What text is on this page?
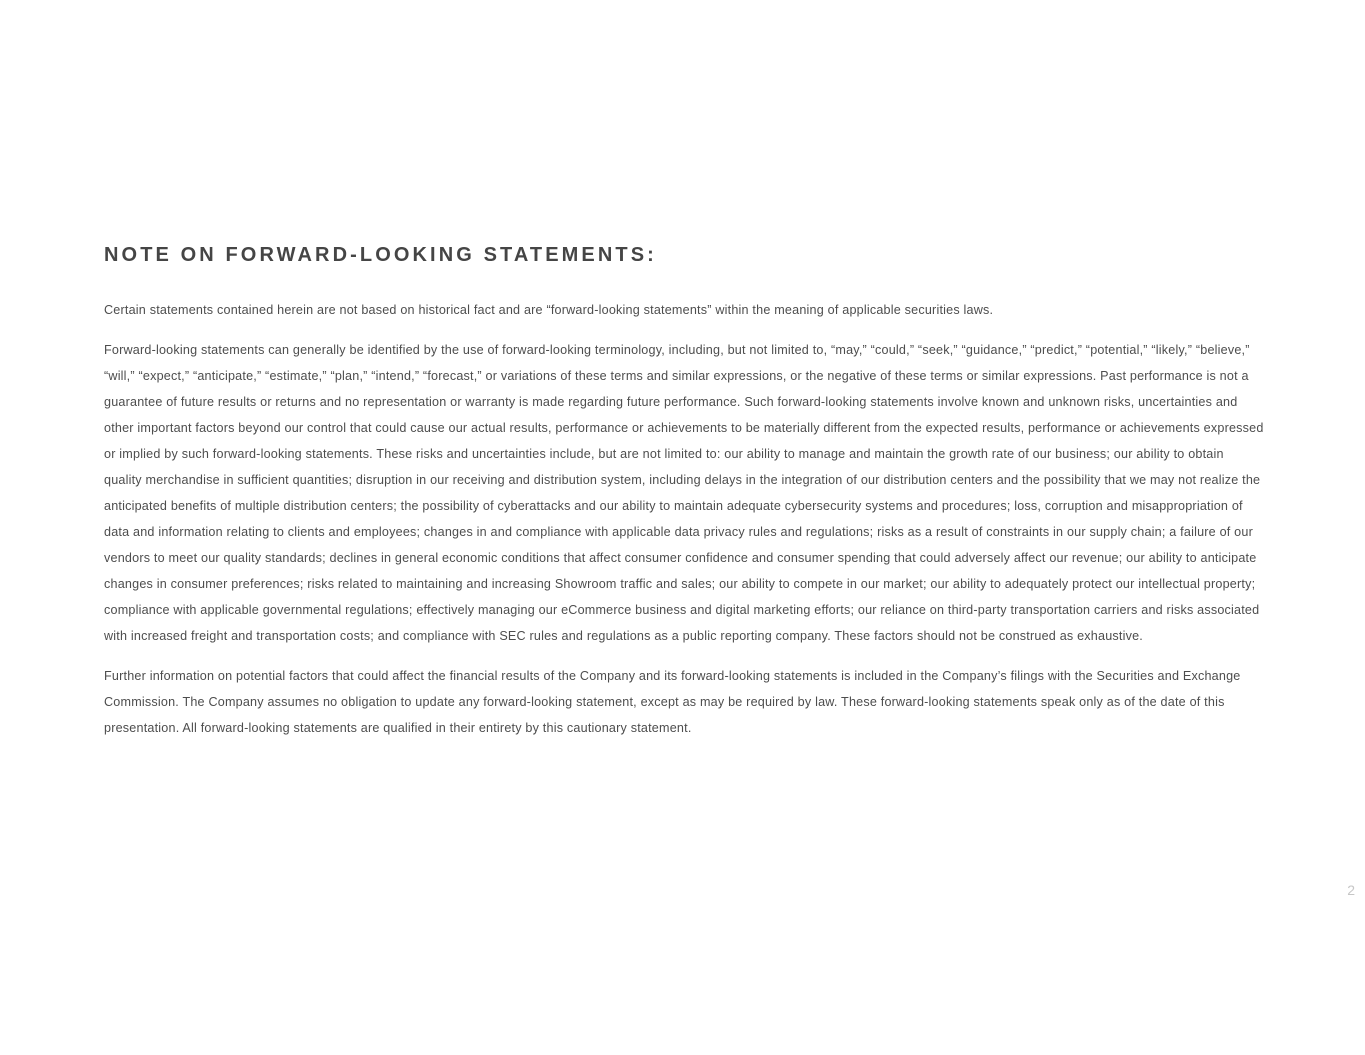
NOTE ON FORWARD-LOOKING STATEMENTS:

Certain statements contained herein are not based on historical fact and are “forward-looking statements” within the meaning of applicable securities laws.

Forward-looking statements can generally be identified by the use of forward-looking terminology, including, but not limited to, “may,” “could,” “seek,” “guidance,” “predict,” “potential,” “likely,” “believe,” “will,” “expect,” “anticipate,” “estimate,” “plan,” “intend,” “forecast,” or variations of these terms and similar expressions, or the negative of these terms or similar expressions. Past performance is not a guarantee of future results or returns and no representation or warranty is made regarding future performance. Such forward-looking statements involve known and unknown risks, uncertainties and other important factors beyond our control that could cause our actual results, performance or achievements to be materially different from the expected results, performance or achievements expressed or implied by such forward-looking statements. These risks and uncertainties include, but are not limited to: our ability to manage and maintain the growth rate of our business; our ability to obtain quality merchandise in sufficient quantities; disruption in our receiving and distribution system, including delays in the integration of our distribution centers and the possibility that we may not realize the anticipated benefits of multiple distribution centers; the possibility of cyberattacks and our ability to maintain adequate cybersecurity systems and procedures; loss, corruption and misappropriation of data and information relating to clients and employees; changes in and compliance with applicable data privacy rules and regulations; risks as a result of constraints in our supply chain; a failure of our vendors to meet our quality standards; declines in general economic conditions that affect consumer confidence and consumer spending that could adversely affect our revenue; our ability to anticipate changes in consumer preferences; risks related to maintaining and increasing Showroom traffic and sales; our ability to compete in our market; our ability to adequately protect our intellectual property; compliance with applicable governmental regulations; effectively managing our eCommerce business and digital marketing efforts; our reliance on third-party transportation carriers and risks associated with increased freight and transportation costs; and compliance with SEC rules and regulations as a public reporting company. These factors should not be construed as exhaustive.

Further information on potential factors that could affect the financial results of the Company and its forward-looking statements is included in the Company’s filings with the Securities and Exchange Commission. The Company assumes no obligation to update any forward-looking statement, except as may be required by law. These forward-looking statements speak only as of the date of this presentation. All forward-looking statements are qualified in their entirety by this cautionary statement.

2
